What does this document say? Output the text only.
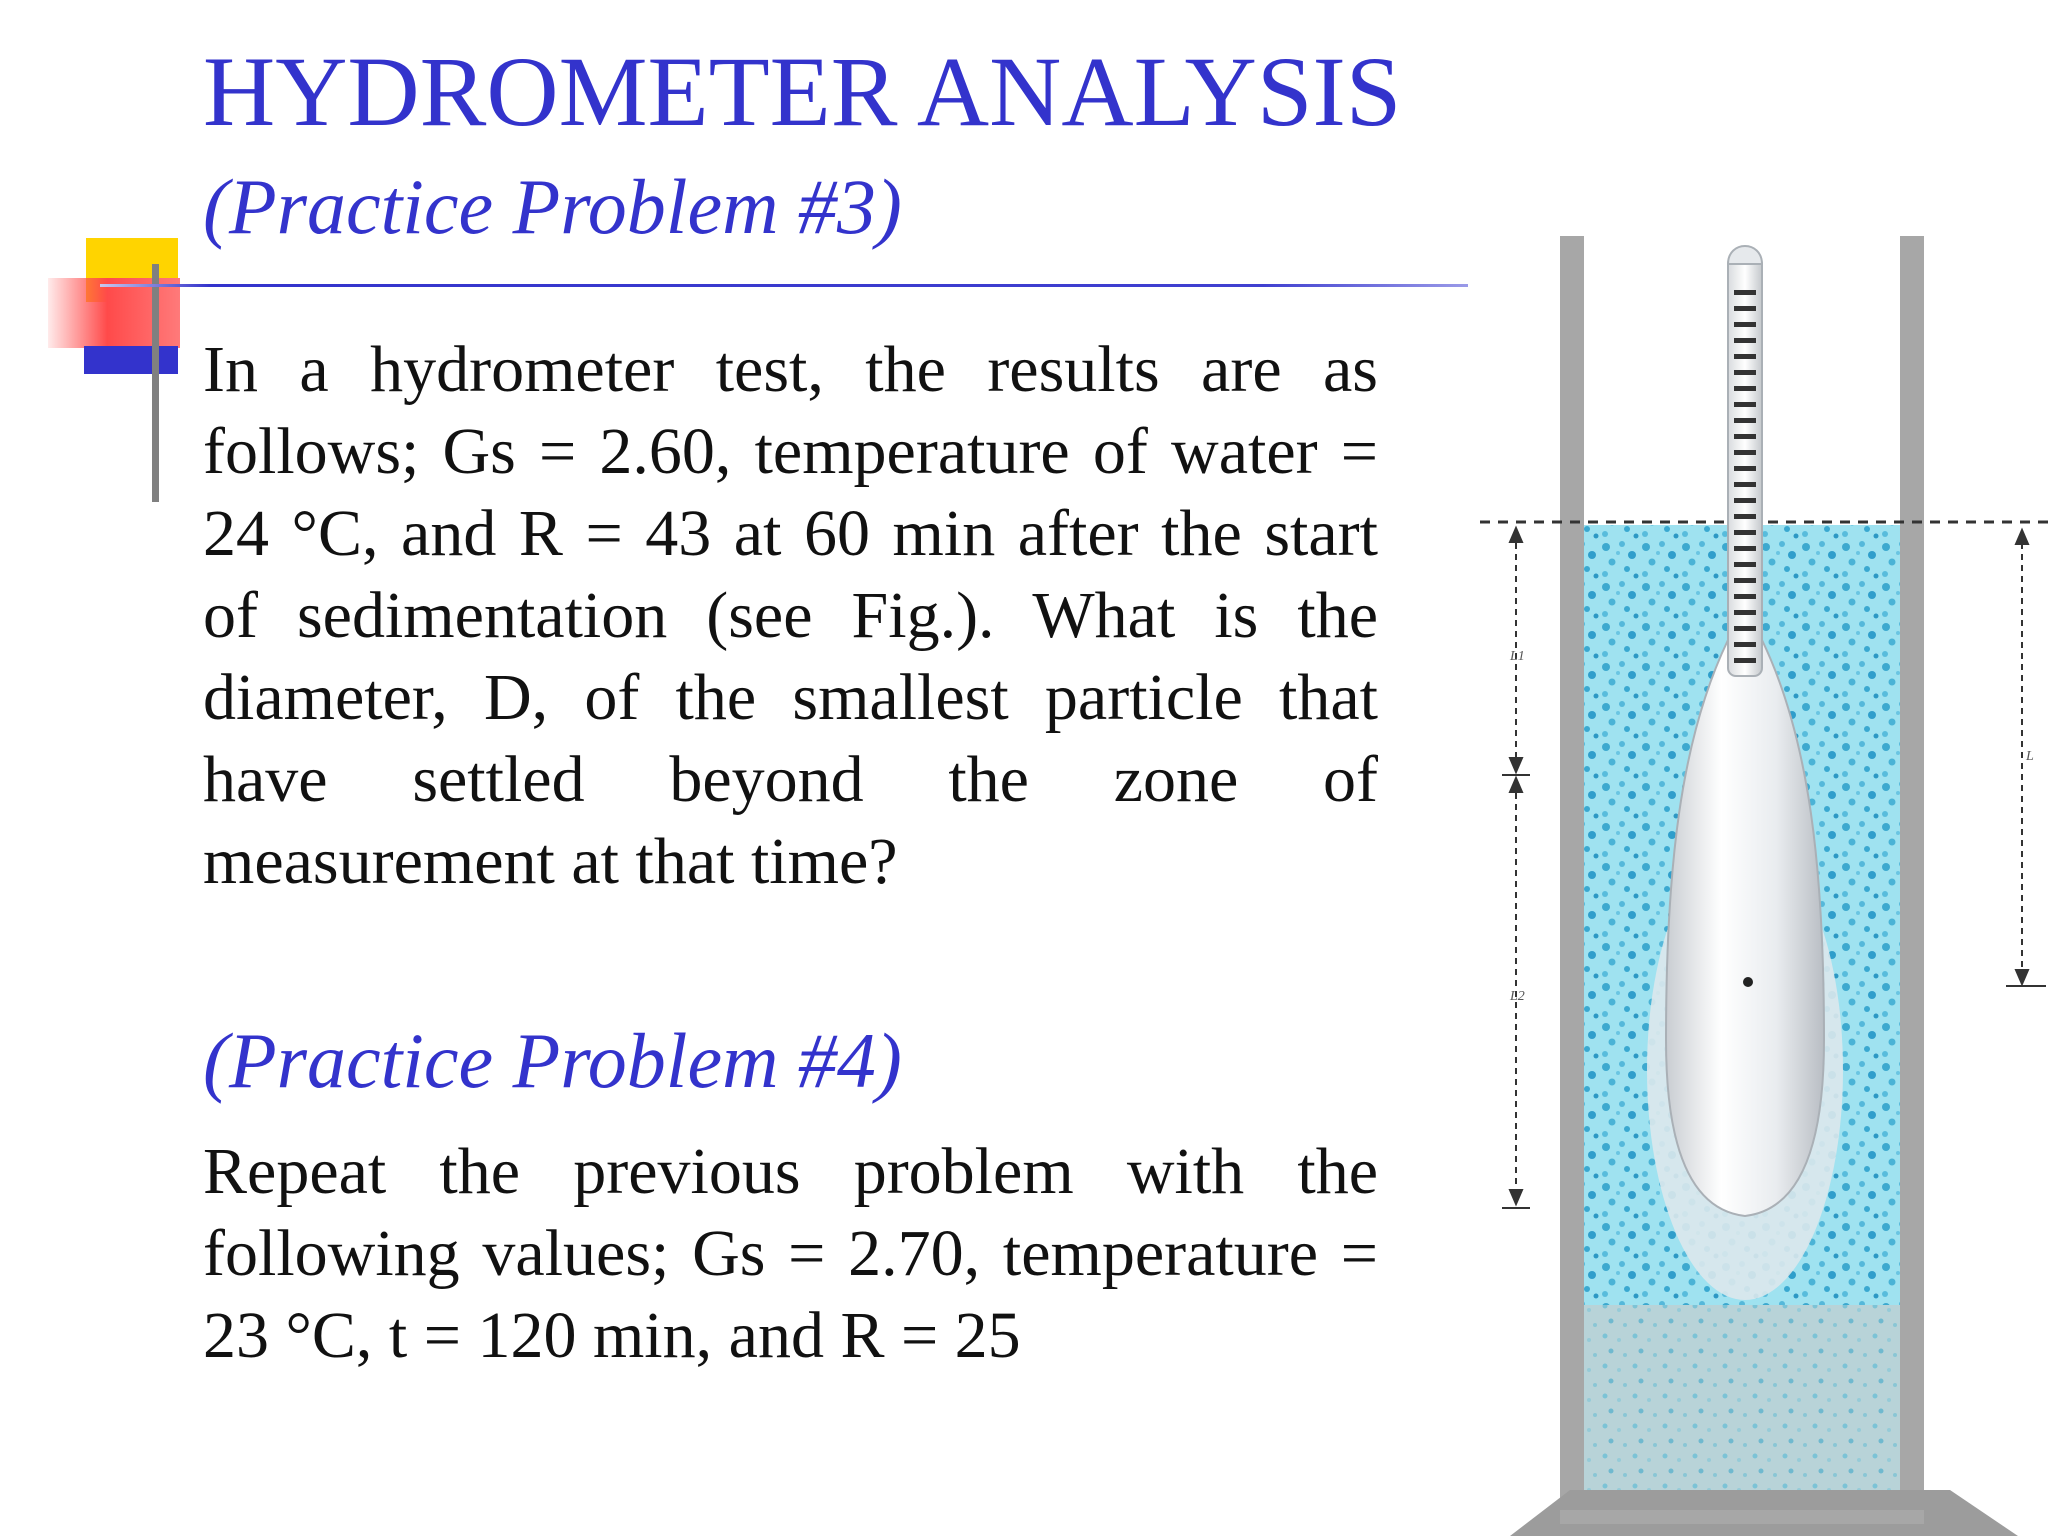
HYDROMETER ANALYSIS
(Practice Problem #3)
In a hydrometer test, the results are as follows; Gs = 2.60, temperature of water = 24 °C, and R = 43 at 60 min after the start of sedimentation (see Fig.). What is the diameter, D, of the smallest particle that have settled beyond the zone of measurement at that time?
(Practice Problem #4)
Repeat the previous problem with the following values; Gs = 2.70, temperature = 23 °C, t = 120 min, and R = 25
L1
L2
L
